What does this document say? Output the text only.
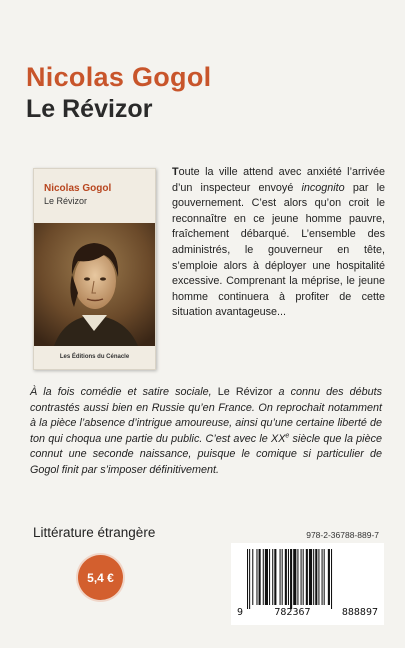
Nicolas Gogol
Le Révizor
Nicolas Gogol
Le Révizor
Les Éditions du Cénacle

Toute la ville attend avec anxiété l’arrivée d’un inspecteur envoyé incognito par le gouvernement. C’est alors qu’on croit le reconnaître en ce jeune homme pauvre, fraîchement débarqué. L’ensemble des administrés, le gouverneur en tête, s’emploie alors à déployer une hospitalité excessive. Comprenant la méprise, le jeune homme continuera à profiter de cette situation avantageuse...

À la fois comédie et satire sociale, Le Révizor a connu des débuts contrastés aussi bien en Russie qu’en France. On reprochait notamment à la pièce l’absence d’intrigue amoureuse, ainsi qu’une certaine liberté de ton qui choqua une partie du public. C’est avec le XXe siècle que la pièce connut une seconde naissance, puisque le comique si particulier de Gogol finit par s’imposer définitivement.

Littérature étrangère
5,4 €
978-2-36788-889-7
9	782367	888897
